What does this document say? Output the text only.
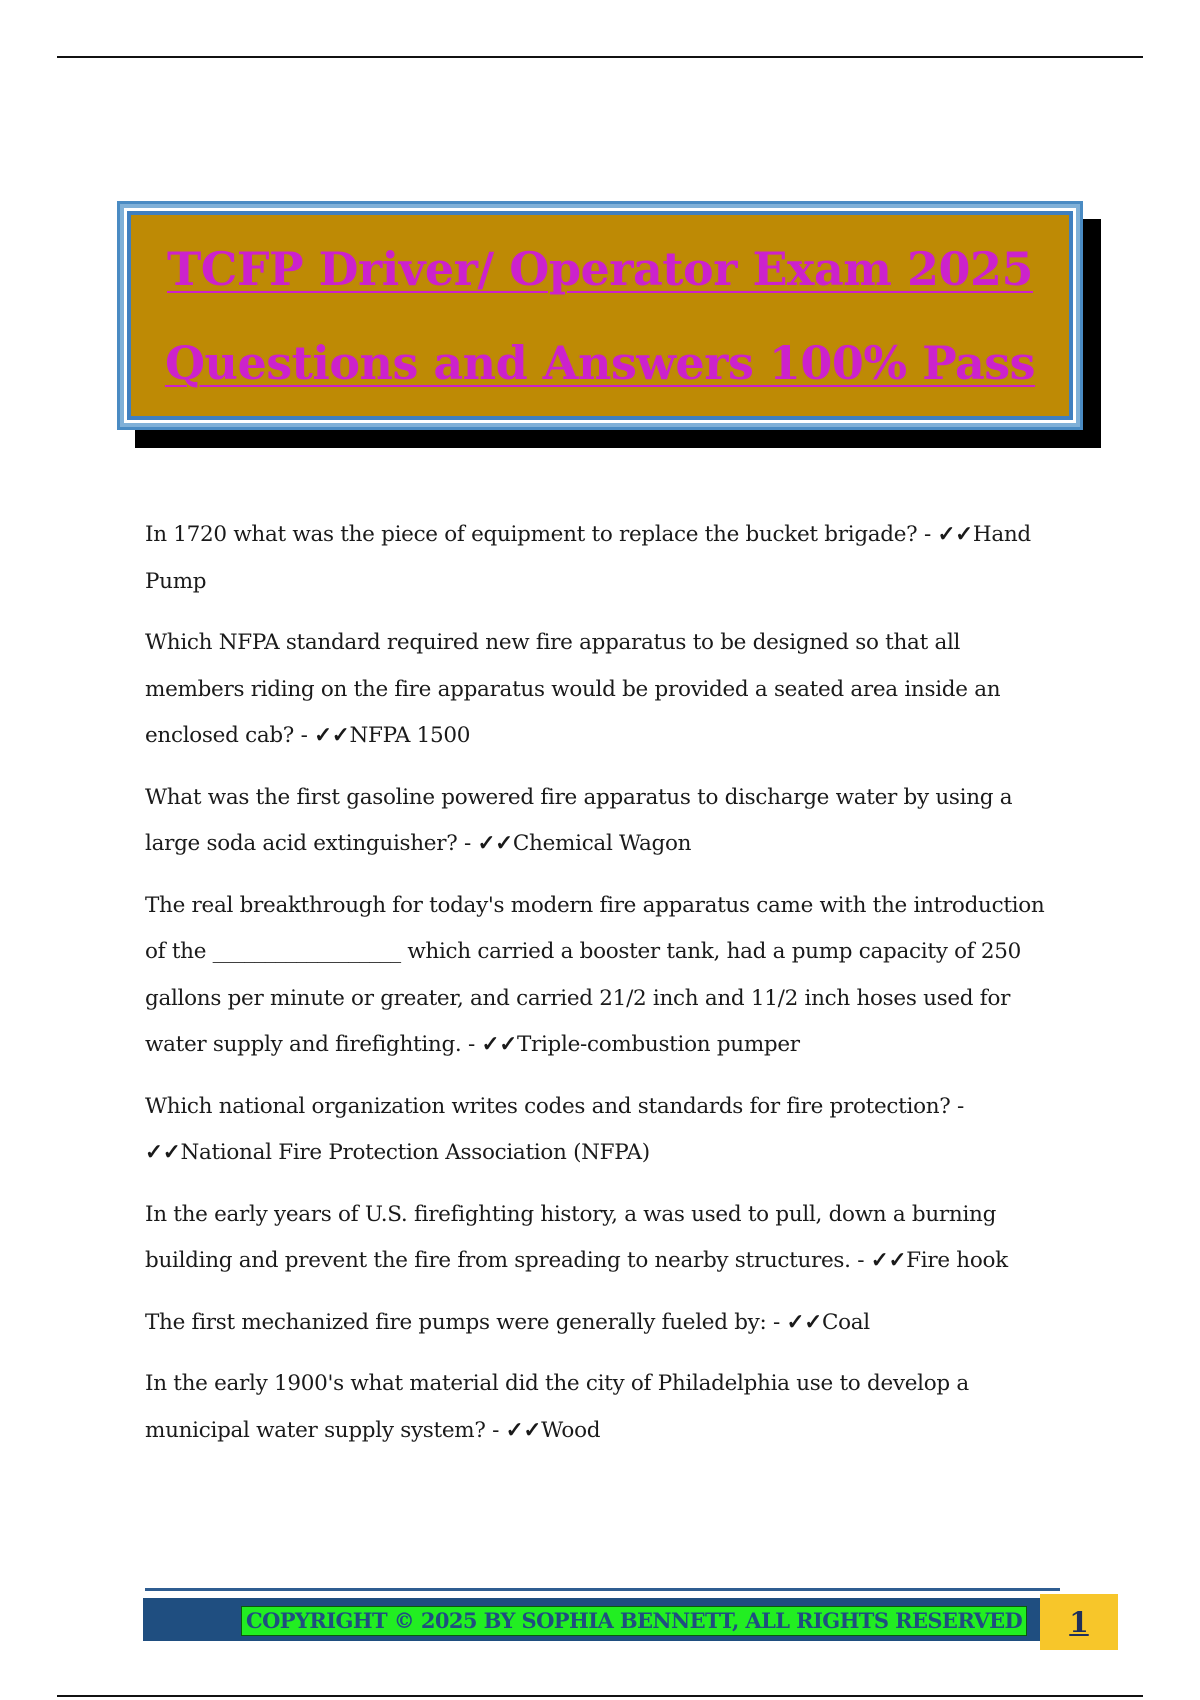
TCFP Driver/ Operator Exam 2025
Questions and Answers 100% Pass

In 1720 what was the piece of equipment to replace the bucket brigade? - ✓✓Hand Pump

Which NFPA standard required new fire apparatus to be designed so that all members riding on the fire apparatus would be provided a seated area inside an enclosed cab? - ✓✓NFPA 1500

What was the first gasoline powered fire apparatus to discharge water by using a large soda acid extinguisher? - ✓✓Chemical Wagon

The real breakthrough for today's modern fire apparatus came with the introduction of the __________________ which carried a booster tank, had a pump capacity of 250 gallons per minute or greater, and carried 21/2 inch and 11/2 inch hoses used for water supply and firefighting. - ✓✓Triple-combustion pumper

Which national organization writes codes and standards for fire protection? - ✓✓National Fire Protection Association (NFPA)

In the early years of U.S. firefighting history, a was used to pull, down a burning building and prevent the fire from spreading to nearby structures. - ✓✓Fire hook

The first mechanized fire pumps were generally fueled by: - ✓✓Coal

In the early 1900's what material did the city of Philadelphia use to develop a municipal water supply system? - ✓✓Wood

COPYRIGHT © 2025 BY SOPHIA BENNETT, ALL RIGHTS RESERVED	1
